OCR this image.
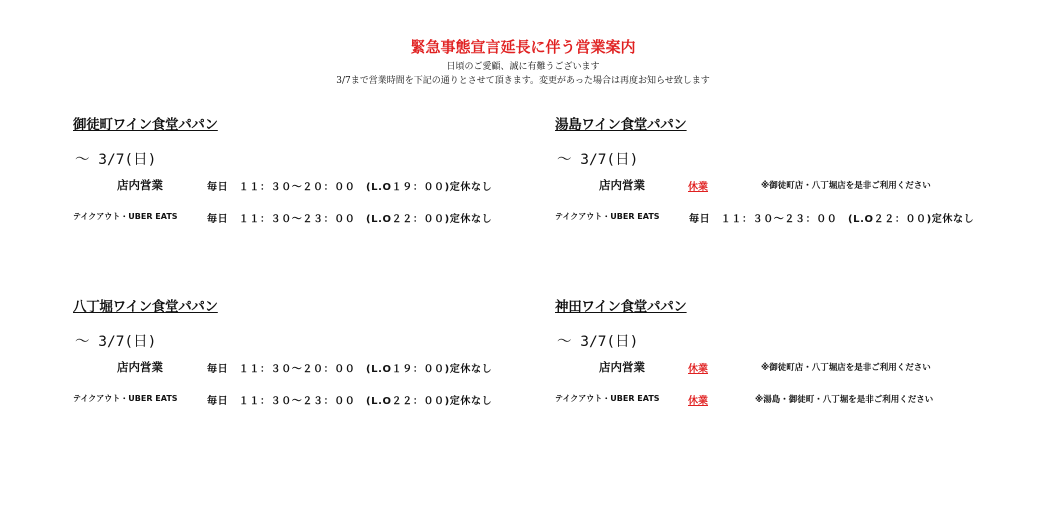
緊急事態宣言延長に伴う営業案内
日頃のご愛顧、誠に有難うございます
3/7まで営業時間を下記の通りとさせて頂きます。変更があった場合は再度お知らせ致します
御徒町ワイン食堂パパン
～ 3/7(日)
店内営業	毎日　１１：３０～２０：００　(L.O１９：００)定休なし
テイクアウト・UBER EATS	毎日　１１：３０～２３：００　(L.O２２：００)定休なし
湯島ワイン食堂パパン
～ 3/7(日)
店内営業	休業	※御徒町店・八丁堀店を是非ご利用ください
テイクアウト・UBER EATS	毎日　１１：３０～２３：００　(L.O２２：００)定休なし
八丁堀ワイン食堂パパン
～ 3/7(日)
店内営業	毎日　１１：３０～２０：００　(L.O１９：００)定休なし
テイクアウト・UBER EATS	毎日　１１：３０～２３：００　(L.O２２：００)定休なし
神田ワイン食堂パパン
～ 3/7(日)
店内営業	休業	※御徒町店・八丁堀店を是非ご利用ください
テイクアウト・UBER EATS	休業	※湯島・御徒町・八丁堀を是非ご利用ください
